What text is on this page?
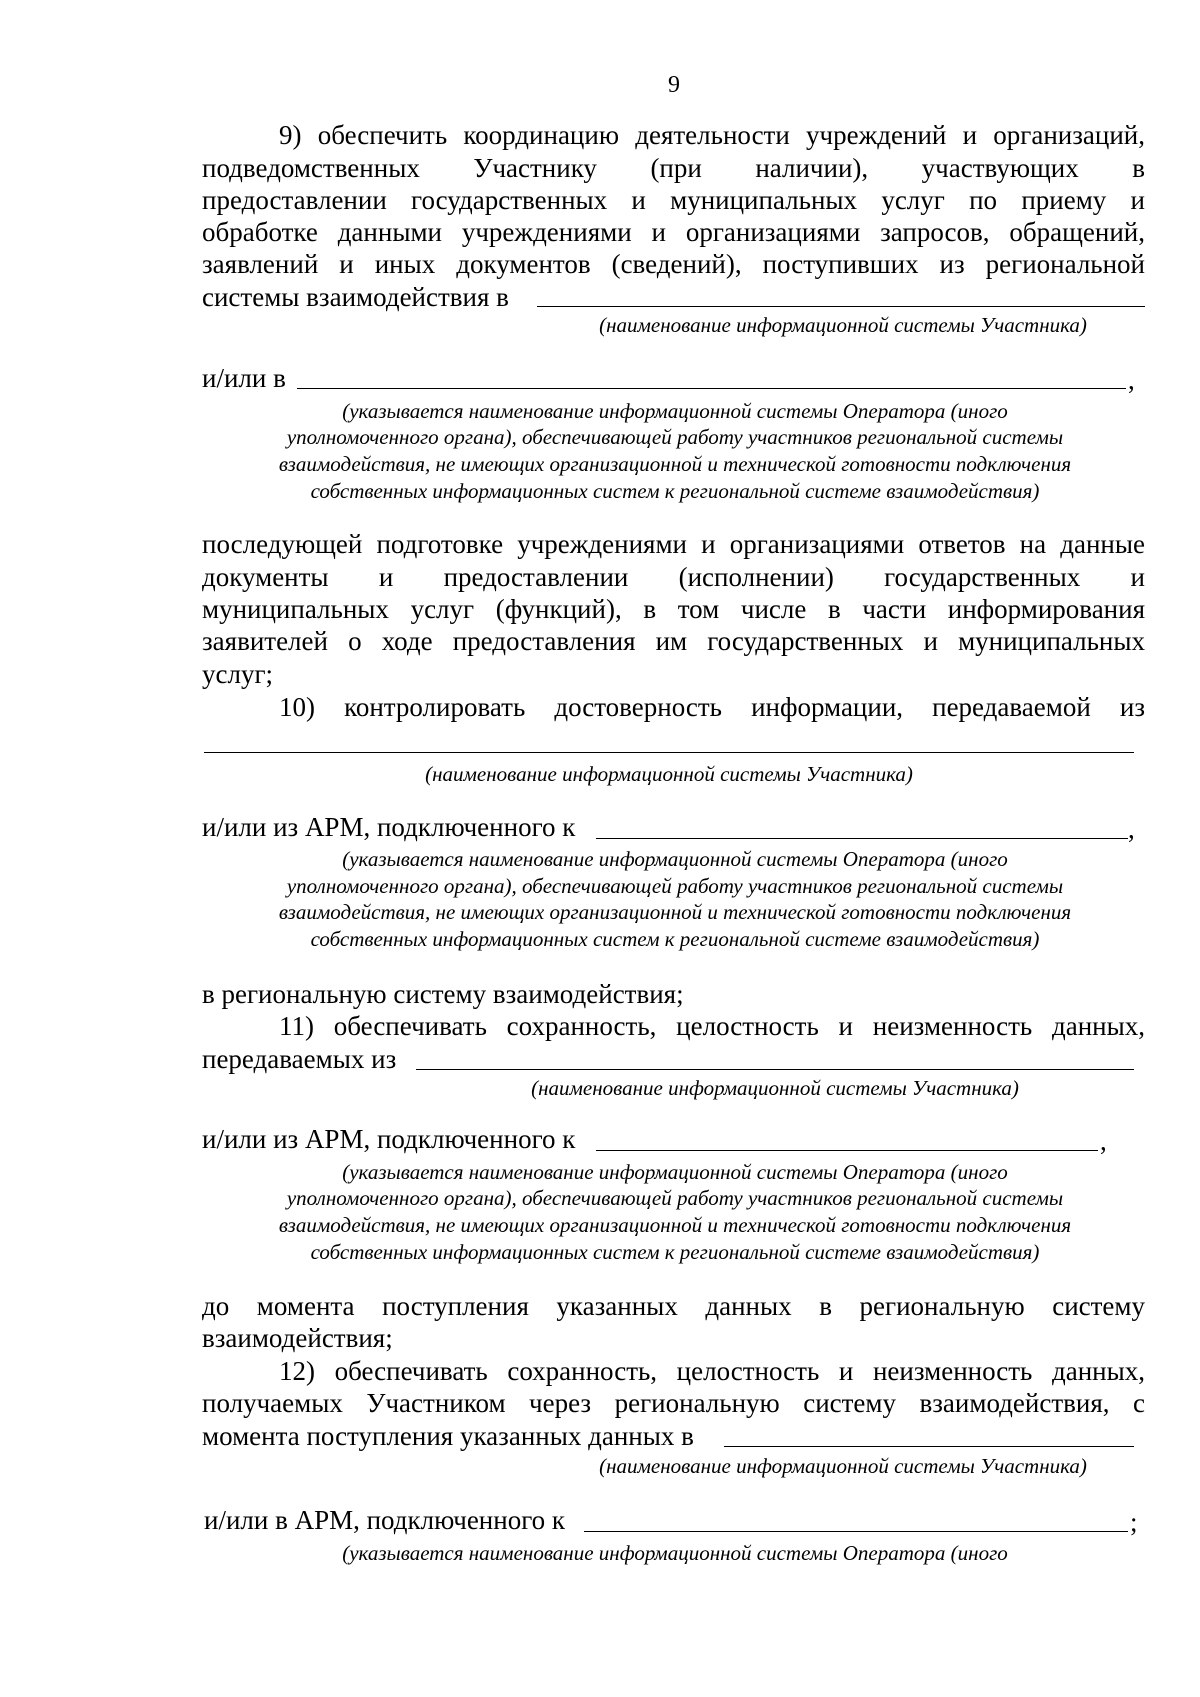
9
9) обеспечить координацию деятельности учреждений и организаций,
подведомственных Участнику (при наличии), участвующих в
предоставлении государственных и муниципальных услуг по приему и
обработке данными учреждениями и организациями запросов, обращений,
заявлений и иных документов (сведений), поступивших из региональной
системы взаимодействия в
(наименование информационной системы Участника)
и/или в	,
(указывается наименование информационной системы Оператора (иного
уполномоченного органа), обеспечивающей работу участников региональной системы
взаимодействия, не имеющих организационной и технической готовности подключения
собственных информационных систем к региональной системе взаимодействия)
последующей подготовке учреждениями и организациями ответов на данные
документы и предоставлении (исполнении) государственных и
муниципальных услуг (функций), в том числе в части информирования
заявителей о ходе предоставления им государственных и муниципальных
услуг;
10) контролировать достоверность информации, передаваемой из
(наименование информационной системы Участника)
и/или из АРМ, подключенного к	,
(указывается наименование информационной системы Оператора (иного
уполномоченного органа), обеспечивающей работу участников региональной системы
взаимодействия, не имеющих организационной и технической готовности подключения
собственных информационных систем к региональной системе взаимодействия)
в региональную систему взаимодействия;
11) обеспечивать сохранность, целостность и неизменность данных,
передаваемых из
(наименование информационной системы Участника)
и/или из АРМ, подключенного к	,
(указывается наименование информационной системы Оператора (иного
уполномоченного органа), обеспечивающей работу участников региональной системы
взаимодействия, не имеющих организационной и технической готовности подключения
собственных информационных систем к региональной системе взаимодействия)
до момента поступления указанных данных в региональную систему
взаимодействия;
12) обеспечивать сохранность, целостность и неизменность данных,
получаемых Участником через региональную систему взаимодействия, с
момента поступления указанных данных в
(наименование информационной системы Участника)
и/или в АРМ, подключенного к	;
(указывается наименование информационной системы Оператора (иного
